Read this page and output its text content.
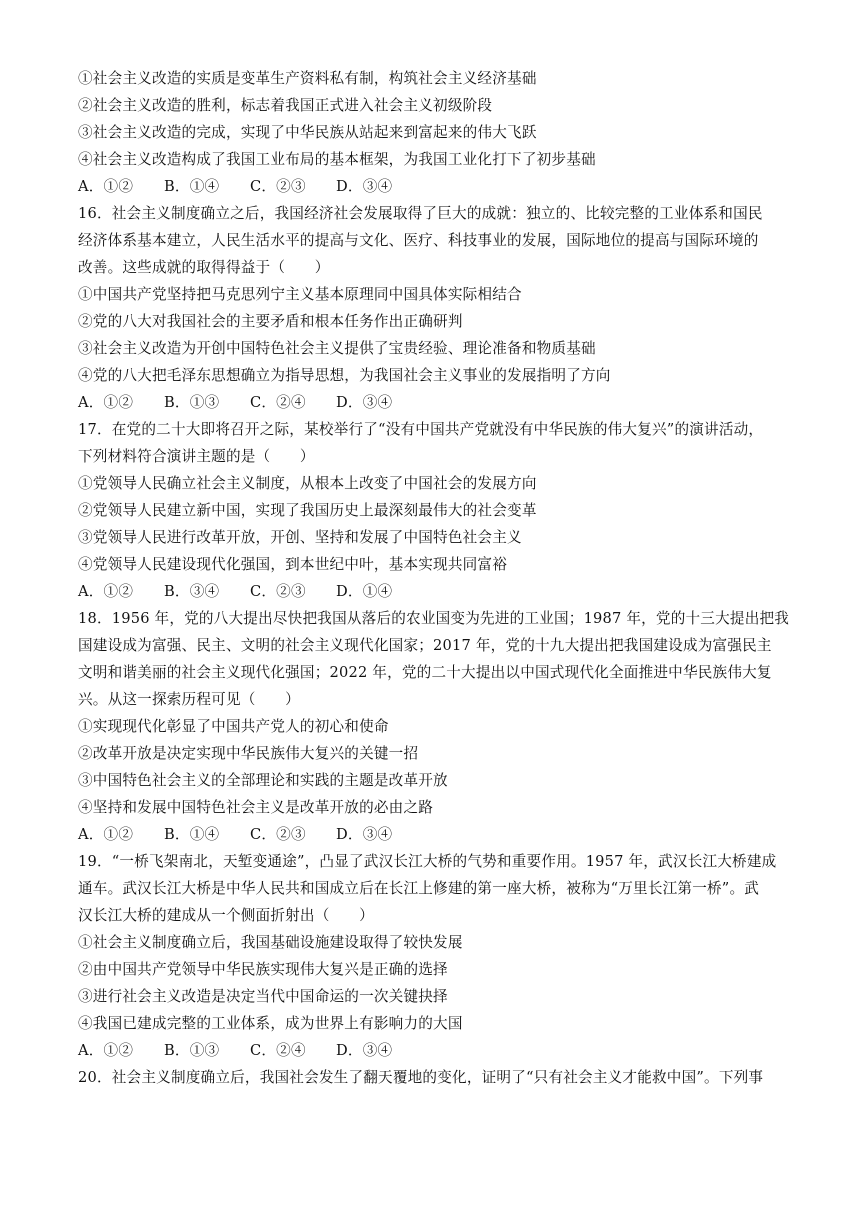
①社会主义改造的实质是变革生产资料私有制，构筑社会主义经济基础
②社会主义改造的胜利，标志着我国正式进入社会主义初级阶段
③社会主义改造的完成，实现了中华民族从站起来到富起来的伟大飞跃
④社会主义改造构成了我国工业布局的基本框架，为我国工业化打下了初步基础
A．①② B．①④ C．②③ D．③④
16．社会主义制度确立之后，我国经济社会发展取得了巨大的成就：独立的、比较完整的工业体系和国民
经济体系基本建立，人民生活水平的提高与文化、医疗、科技事业的发展，国际地位的提高与国际环境的
改善。这些成就的取得得益于（　　）
①中国共产党坚持把马克思列宁主义基本原理同中国具体实际相结合
②党的八大对我国社会的主要矛盾和根本任务作出正确研判
③社会主义改造为开创中国特色社会主义提供了宝贵经验、理论准备和物质基础
④党的八大把毛泽东思想确立为指导思想，为我国社会主义事业的发展指明了方向
A．①② B．①③ C．②④ D．③④
17．在党的二十大即将召开之际，某校举行了“没有中国共产党就没有中华民族的伟大复兴”的演讲活动，
下列材料符合演讲主题的是（　　）
①党领导人民确立社会主义制度，从根本上改变了中国社会的发展方向
②党领导人民建立新中国，实现了我国历史上最深刻最伟大的社会变革
③党领导人民进行改革开放，开创、坚持和发展了中国特色社会主义
④党领导人民建设现代化强国，到本世纪中叶，基本实现共同富裕
A．①② B．③④ C．②③ D．①④
18．1956 年，党的八大提出尽快把我国从落后的农业国变为先进的工业国；1987 年，党的十三大提出把我
国建设成为富强、民主、文明的社会主义现代化国家；2017 年，党的十九大提出把我国建设成为富强民主
文明和谐美丽的社会主义现代化强国；2022 年，党的二十大提出以中国式现代化全面推进中华民族伟大复
兴。从这一探索历程可见（　　）
①实现现代化彰显了中国共产党人的初心和使命
②改革开放是决定实现中华民族伟大复兴的关键一招
③中国特色社会主义的全部理论和实践的主题是改革开放
④坚持和发展中国特色社会主义是改革开放的必由之路
A．①② B．①④ C．②③ D．③④
19．“一桥飞架南北，天堑变通途”，凸显了武汉长江大桥的气势和重要作用。1957 年，武汉长江大桥建成
通车。武汉长江大桥是中华人民共和国成立后在长江上修建的第一座大桥，被称为“万里长江第一桥”。武
汉长江大桥的建成从一个侧面折射出（　　）
①社会主义制度确立后，我国基础设施建设取得了较快发展
②由中国共产党领导中华民族实现伟大复兴是正确的选择
③进行社会主义改造是决定当代中国命运的一次关键抉择
④我国已建成完整的工业体系，成为世界上有影响力的大国
A．①② B．①③ C．②④ D．③④
20．社会主义制度确立后，我国社会发生了翻天覆地的变化，证明了“只有社会主义才能救中国”。下列事
